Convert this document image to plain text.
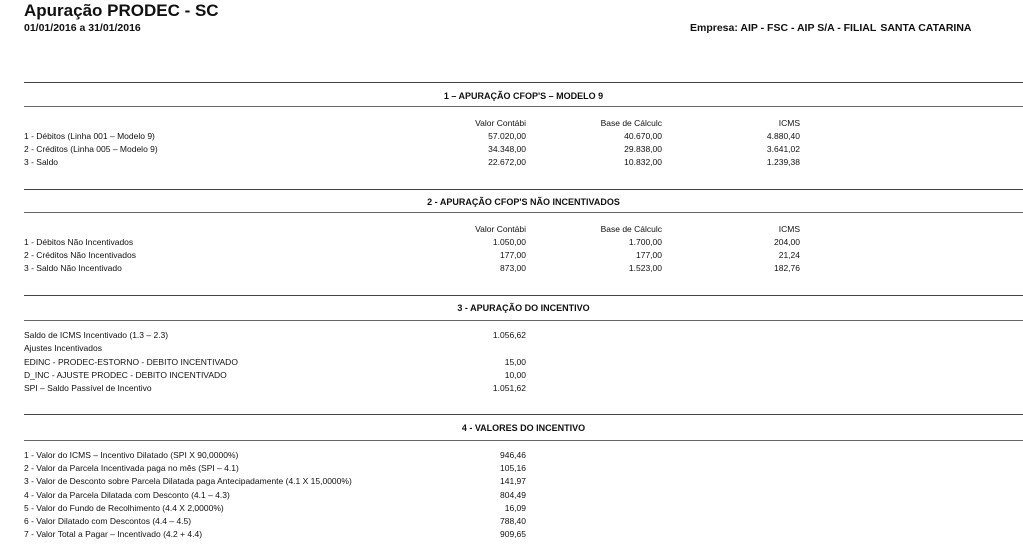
Apuração PRODEC - SC
01/01/2016 a 31/01/2016	Empresa: AIP - FSC - AIP S/A - FILIAL SANTA CATARINA
1 – APURAÇÃO CFOP'S – MODELO 9
Valor Contábi	Base de Cálculc	ICMS
1 - Débitos (Linha 001 – Modelo 9)	57.020,00	40.670,00	4.880,40
2 - Créditos (Linha 005 – Modelo 9)	34.348,00	29.838,00	3.641,02
3 - Saldo	22.672,00	10.832,00	1.239,38
2 - APURAÇÃO CFOP'S NÃO INCENTIVADOS
Valor Contábi	Base de Cálculc	ICMS
1 - Débitos Não Incentivados	1.050,00	1.700,00	204,00
2 - Créditos Não Incentivados	177,00	177,00	21,24
3 - Saldo Não Incentivado	873,00	1.523,00	182,76
3 - APURAÇÃO DO INCENTIVO
Saldo de ICMS Incentivado (1.3 – 2.3)	1.056,62
Ajustes Incentivados
EDINC - PRODEC-ESTORNO - DEBITO INCENTIVADO	15,00
D_INC - AJUSTE PRODEC - DEBITO INCENTIVADO	10,00
SPI – Saldo Passível de Incentivo	1.051,62
4 - VALORES DO INCENTIVO
1 - Valor do ICMS – Incentivo Dilatado (SPI X 90,0000%)	946,46
2 - Valor da Parcela Incentivada paga no mês (SPI – 4.1)	105,16
3 - Valor de Desconto sobre Parcela Dilatada paga Antecipadamente (4.1 X 15,0000%)	141,97
4 - Valor da Parcela Dilatada com Desconto (4.1 – 4.3)	804,49
5 - Valor do Fundo de Recolhimento (4.4 X 2,0000%)	16,09
6 - Valor Dilatado com Descontos (4.4 – 4.5)	788,40
7 - Valor Total a Pagar – Incentivado (4.2 + 4.4)	909,65
